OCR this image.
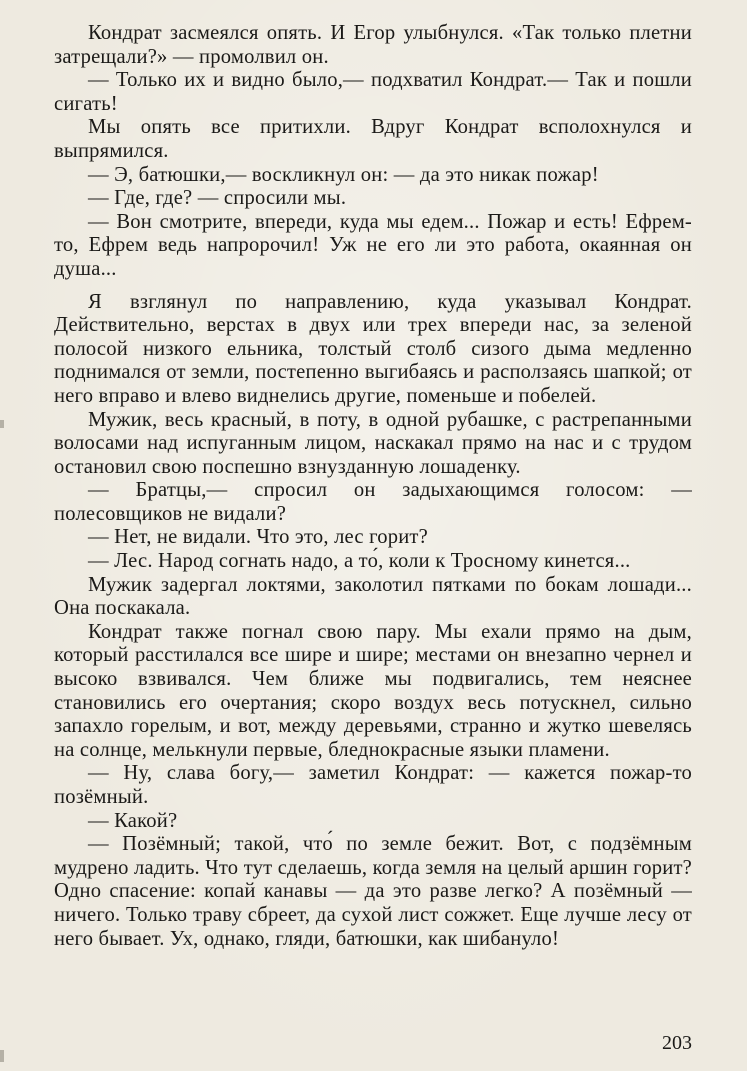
Кондрат засмеялся опять. И Егор улыбнулся. «Так только плетни затрещали?» — промолвил он.

— Только их и видно было,— подхватил Кондрат.— Так и пошли сигать!

Мы опять все притихли. Вдруг Кондрат всполохнулся и выпрямился.

— Э, батюшки,— воскликнул он: — да это никак пожар!

— Где, где? — спросили мы.

— Вон смотрите, впереди, куда мы едем... Пожар и есть! Ефрем-то, Ефрем ведь напророчил! Уж не его ли это работа, окаянная он душа...

Я взглянул по направлению, куда указывал Кондрат. Действительно, верстах в двух или трех впереди нас, за зеленой полосой низкого ельника, толстый столб сизого дыма медленно поднимался от земли, постепенно выгибаясь и расползаясь шапкой; от него вправо и влево виднелись другие, поменьше и побелей.

Мужик, весь красный, в поту, в одной рубашке, с растрепанными волосами над испуганным лицом, наскакал прямо на нас и с трудом остановил свою поспешно взнузданную лошаденку.

— Братцы,— спросил он задыхающимся голосом: — полесовщиков не видали?

— Нет, не видали. Что это, лес горит?

— Лес. Народ согнать надо, а то́, коли к Тросному кинется...

Мужик задергал локтями, заколотил пятками по бокам лошади... Она поскакала.

Кондрат также погнал свою пару. Мы ехали прямо на дым, который расстилался все шире и шире; местами он внезапно чернел и высоко взвивался. Чем ближе мы подвигались, тем неяснее становились его очертания; скоро воздух весь потускнел, сильно запахло горелым, и вот, между деревьями, странно и жутко шевелясь на солнце, мелькнули первые, бледнокрасные языки пламени.

— Ну, слава богу,— заметил Кондрат: — кажется пожар-то позёмный.

— Какой?

— Позёмный; такой, что́ по земле бежит. Вот, с подзёмным мудрено ладить. Что тут сделаешь, когда земля на целый аршин горит? Одно спасение: копай канавы — да это разве легко? А позёмный — ничего. Только траву сбреет, да сухой лист сожжет. Еще лучше лесу от него бывает. Ух, однако, гляди, батюшки, как шибануло!

203
